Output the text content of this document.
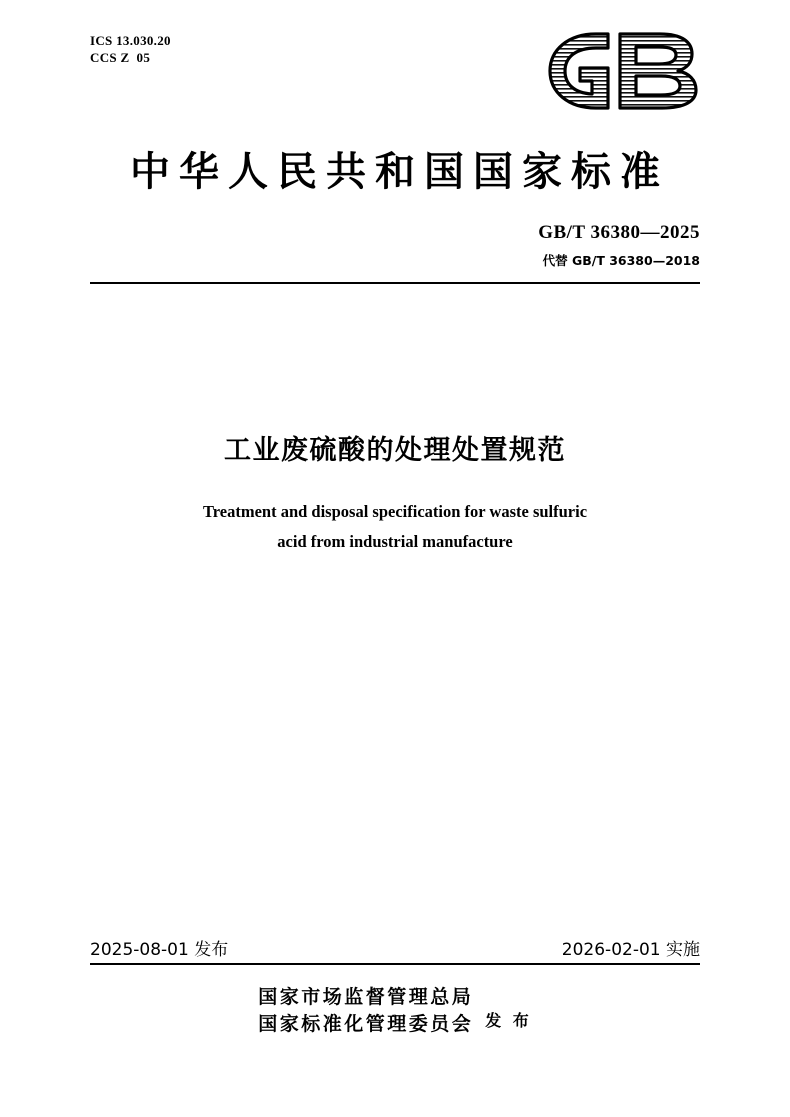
ICS 13.030.20
CCS Z  05
中华人民共和国国家标准
GB/T 36380—2025
代替 GB/T 36380—2018
工业废硫酸的处理处置规范
Treatment and disposal specification for waste sulfuric
acid from industrial manufacture
2025-08-01 发布	2026-02-01 实施
国家市场监督管理总局
国家标准化管理委员会 发 布
